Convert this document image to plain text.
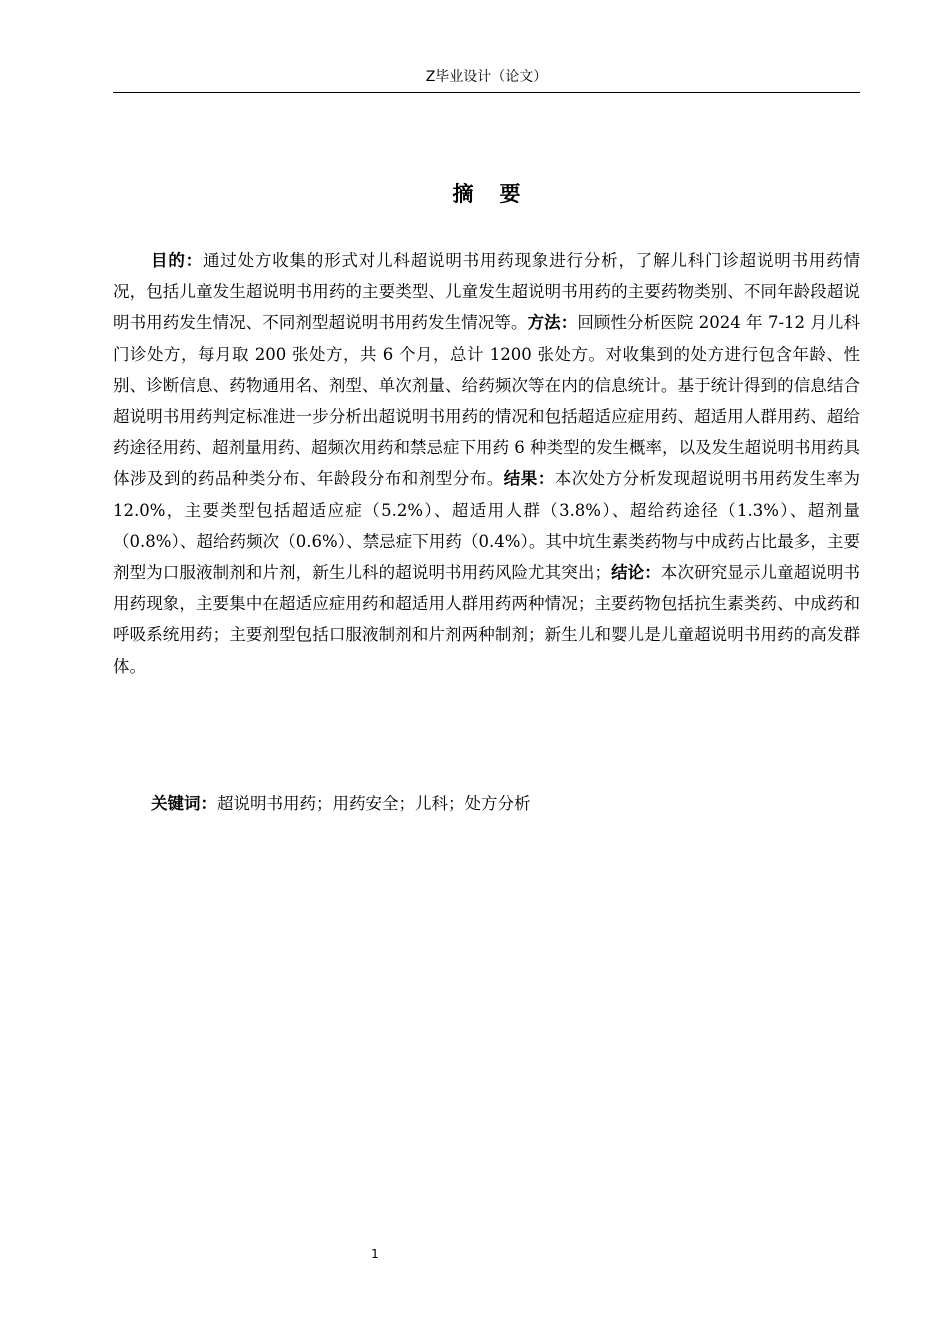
Z毕业设计（论文）
摘要

目的：通过处方收集的形式对儿科超说明书用药现象进行分析，了解儿科门诊超说明书用药情况，包括儿童发生超说明书用药的主要类型、儿童发生超说明书用药的主要药物类别、不同年龄段超说明书用药发生情况、不同剂型超说明书用药发生情况等。方法：回顾性分析医院 2024 年 7-12 月儿科门诊处方，每月取 200 张处方，共 6 个月，总计 1200 张处方。对收集到的处方进行包含年龄、性别、诊断信息、药物通用名、剂型、单次剂量、给药频次等在内的信息统计。基于统计得到的信息结合超说明书用药判定标准进一步分析出超说明书用药的情况和包括超适应症用药、超适用人群用药、超给药途径用药、超剂量用药、超频次用药和禁忌症下用药 6 种类型的发生概率，以及发生超说明书用药具体涉及到的药品种类分布、年龄段分布和剂型分布。结果：本次处方分析发现超说明书用药发生率为 12.0%，主要类型包括超适应症（5.2%）、超适用人群（3.8%）、超给药途径（1.3%）、超剂量（0.8%）、超给药频次（0.6%）、禁忌症下用药（0.4%）。其中坑生素类药物与中成药占比最多，主要剂型为口服液制剂和片剂，新生儿科的超说明书用药风险尤其突出；结论：本次研究显示儿童超说明书用药现象，主要集中在超适应症用药和超适用人群用药两种情况；主要药物包括抗生素类药、中成药和呼吸系统用药；主要剂型包括口服液制剂和片剂两种制剂；新生儿和婴儿是儿童超说明书用药的高发群体。

关键词：超说明书用药；用药安全；儿科；处方分析

1
